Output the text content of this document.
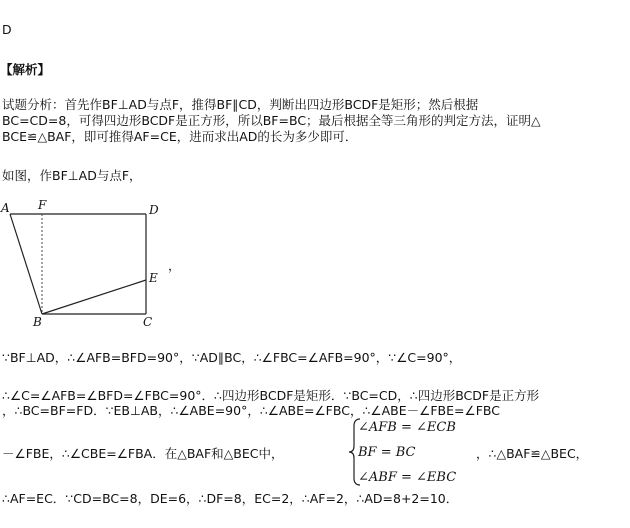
D
【解析】
试题分析：首先作BF⊥AD与点F，推得BF∥CD，判断出四边形BCDF是矩形；然后根据
BC=CD=8，可得四边形BCDF是正方形，所以BF=BC；最后根据全等三角形的判定方法，证明△
BCE≌△BAF，即可推得AF=CE，进而求出AD的长为多少即可．
如图，作BF⊥AD与点F，
A F	D
E
B	C
，
∵BF⊥AD，∴∠AFB=BFD=90°，∵AD∥BC，∴∠FBC=∠AFB=90°，∵∠C=90°，
∴∠C=∠AFB=∠BFD=∠FBC=90°．∴四边形BCDF是矩形．∵BC=CD，∴四边形BCDF是正方形
，∴BC=BF=FD．∵EB⊥AB，∴∠ABE=90°，∴∠ABE=∠FBC，∴∠ABE－∠FBE=∠FBC
－∠FBE，∴∠CBE=∠FBA．在△BAF和△BEC中，
∠AFB = ∠ECB
BF = BC
∠ABF = ∠EBC
，∴△BAF≌△BEC，
∴AF=EC．∵CD=BC=8，DE=6，∴DF=8，EC=2，∴AF=2，∴AD=8+2=10．
